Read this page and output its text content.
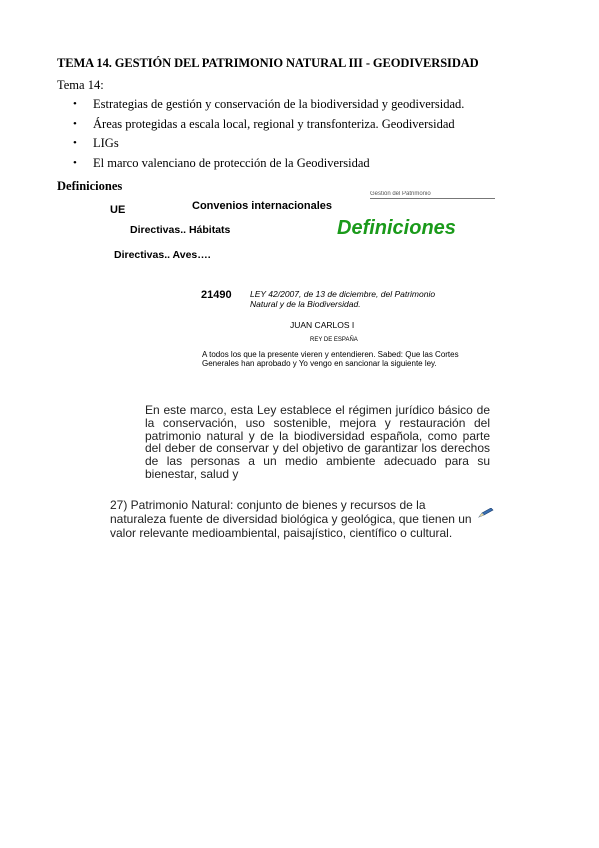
TEMA 14. GESTIÓN DEL PATRIMONIO NATURAL III - GEODIVERSIDAD
Tema 14:
• Estrategias de gestión y conservación de la biodiversidad y geodiversidad.
• Áreas protegidas a escala local, regional y transfonteriza. Geodiversidad
• LIGs
• El marco valenciano de protección de la Geodiversidad
Definiciones
UE	Convenios internacionales
Gestión del Patrimonio
Directivas.. Hábitats	Definiciones
Directivas.. Aves….
21490 LEY 42/2007, de 13 de diciembre, del Patrimonio Natural y de la Biodiversidad.
JUAN CARLOS I
REY DE ESPAÑA
A todos los que la presente vieren y entendieren. Sabed: Que las Cortes Generales han aprobado y Yo vengo en sancionar la siguiente ley.
En este marco, esta Ley establece el régimen jurídico básico de la conservación, uso sostenible, mejora y restauración del patrimonio natural y de la biodiversidad española, como parte del deber de conservar y del objetivo de garantizar los derechos de las personas a un medio ambiente adecuado para su bienestar, salud y
27) Patrimonio Natural: conjunto de bienes y recursos de la naturaleza fuente de diversidad biológica y geológica, que tienen un valor relevante medioambiental, paisajístico, científico o cultural.
